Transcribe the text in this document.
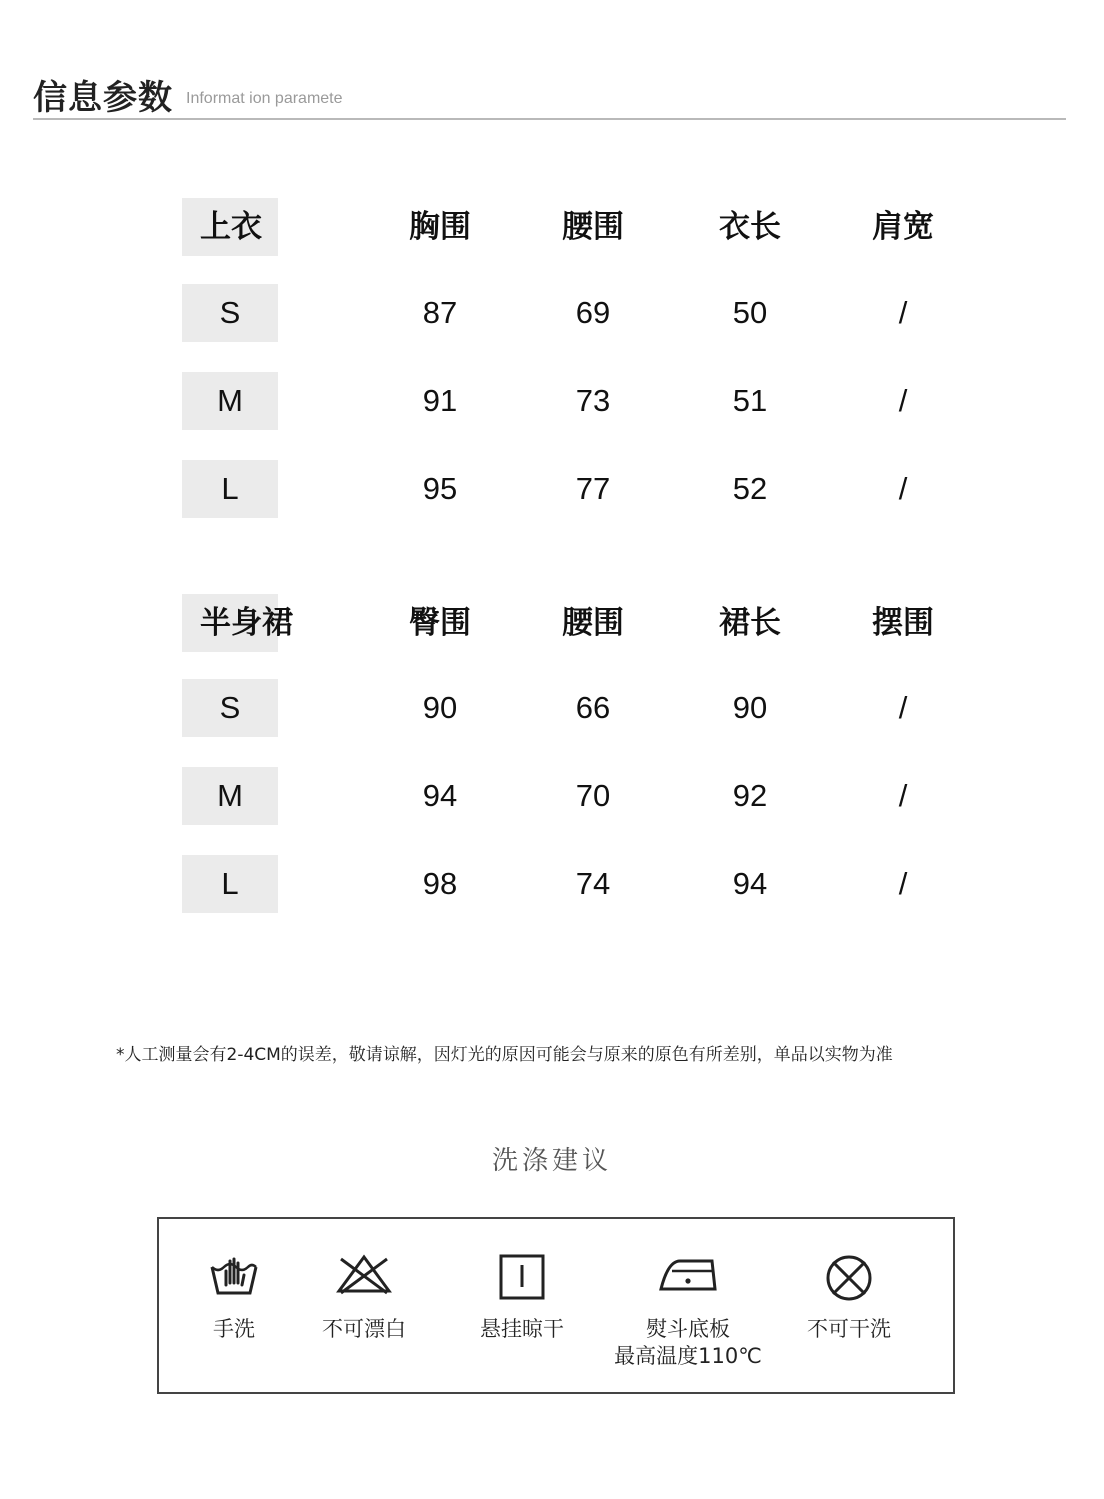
信息参数 Informat ion paramete
上衣	胸围	腰围	衣长	肩宽
S	87	69	50	/
M	91	73	51	/
L	95	77	52	/
半身裙	臀围	腰围	裙长	摆围
S	90	66	90	/
M	94	70	92	/
L	98	74	94	/
*人工测量会有2-4CM的误差，敬请谅解，因灯光的原因可能会与原来的原色有所差别，单品以实物为准
洗涤建议
手洗	不可漂白	悬挂晾干	熨斗底板
最高温度110℃
不可干洗
